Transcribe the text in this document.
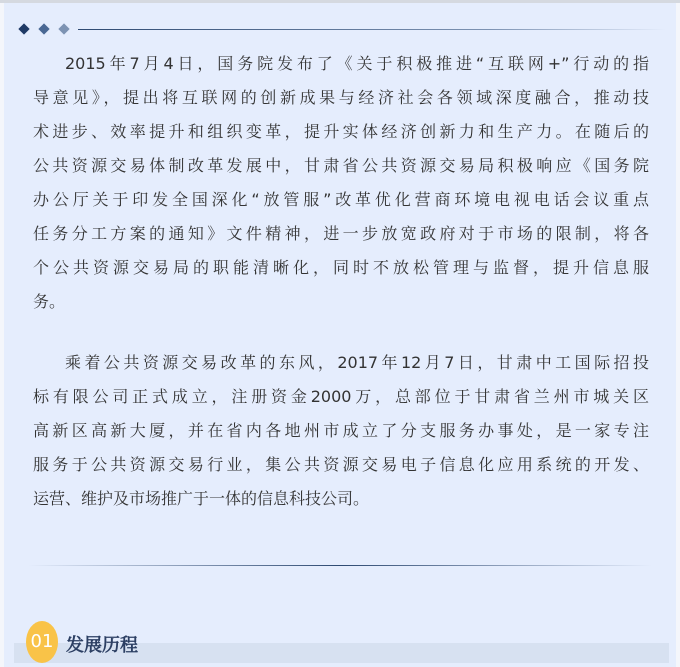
2015年7月4日，国务院发布了《关于积极推进“互联网+”行动的指
导意见》，提出将互联网的创新成果与经济社会各领域深度融合，推动技
术进步、效率提升和组织变革，提升实体经济创新力和生产力。在随后的
公共资源交易体制改革发展中，甘肃省公共资源交易局积极响应《国务院
办公厅关于印发全国深化“放管服”改革优化营商环境电视电话会议重点
任务分工方案的通知》文件精神，进一步放宽政府对于市场的限制，将各
个公共资源交易局的职能清晰化，同时不放松管理与监督，提升信息服
务。
乘着公共资源交易改革的东风，2017年12月7日，甘肃中工国际招投
标有限公司正式成立，注册资金2000万，总部位于甘肃省兰州市城关区
高新区高新大厦，并在省内各地州市成立了分支服务办事处，是一家专注
服务于公共资源交易行业，集公共资源交易电子信息化应用系统的开发、
运营、维护及市场推广于一体的信息科技公司。
01 发展历程
